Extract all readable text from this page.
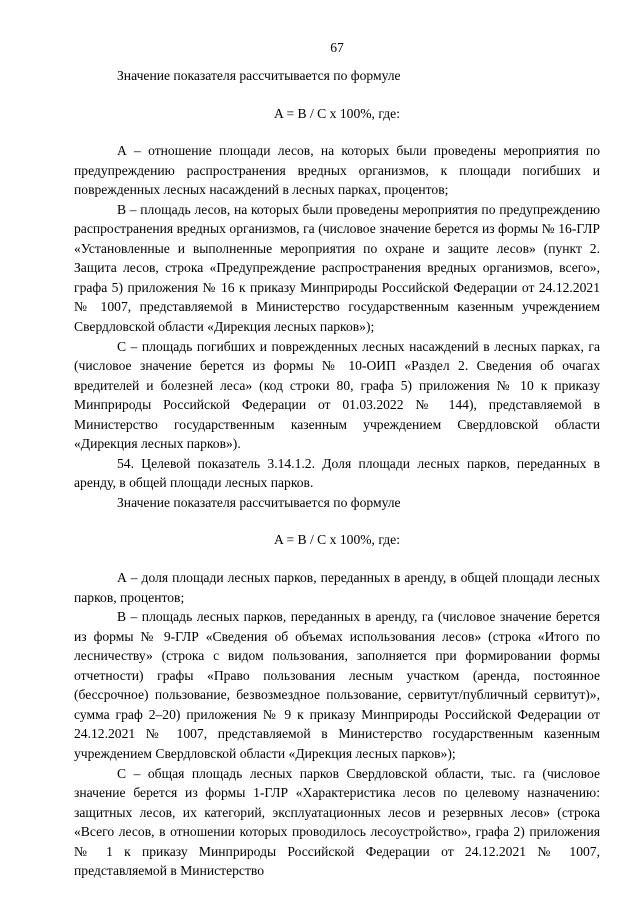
67

Значение показателя рассчитывается по формуле

A = B / C x 100%, где:

А – отношение площади лесов, на которых были проведены мероприятия по предупреждению распространения вредных организмов, к площади погибших и поврежденных лесных насаждений в лесных парках, процентов;

В – площадь лесов, на которых были проведены мероприятия по предупреждению распространения вредных организмов, га (числовое значение берется из формы № 16-ГЛР «Установленные и выполненные мероприятия по охране и защите лесов» (пункт 2. Защита лесов, строка «Предупреждение распространения вредных организмов, всего», графа 5) приложения № 16 к приказу Минприроды Российской Федерации от 24.12.2021 № 1007, представляемой в Министерство государственным казенным учреждением Свердловской области «Дирекция лесных парков»);

С – площадь погибших и поврежденных лесных насаждений в лесных парках, га (числовое значение берется из формы № 10-ОИП «Раздел 2. Сведения об очагах вредителей и болезней леса» (код строки 80, графа 5) приложения № 10 к приказу Минприроды Российской Федерации от 01.03.2022 № 144), представляемой в Министерство государственным казенным учреждением Свердловской области «Дирекция лесных парков»).

54. Целевой показатель 3.14.1.2. Доля площади лесных парков, переданных в аренду, в общей площади лесных парков.

Значение показателя рассчитывается по формуле

A = B / C x 100%, где:

А – доля площади лесных парков, переданных в аренду, в общей площади лесных парков, процентов;

В – площадь лесных парков, переданных в аренду, га (числовое значение берется из формы № 9-ГЛР «Сведения об объемах использования лесов» (строка «Итого по лесничеству» (строка с видом пользования, заполняется при формировании формы отчетности) графы «Право пользования лесным участком (аренда, постоянное (бессрочное) пользование, безвозмездное пользование, сервитут/публичный сервитут)», сумма граф 2–20) приложения № 9 к приказу Минприроды Российской Федерации от 24.12.2021 № 1007, представляемой в Министерство государственным казенным учреждением Свердловской области «Дирекция лесных парков»);

С – общая площадь лесных парков Свердловской области, тыс. га (числовое значение берется из формы 1-ГЛР «Характеристика лесов по целевому назначению: защитных лесов, их категорий, эксплуатационных лесов и резервных лесов» (строка «Всего лесов, в отношении которых проводилось лесоустройство», графа 2) приложения № 1 к приказу Минприроды Российской Федерации от 24.12.2021 № 1007, представляемой в Министерство
